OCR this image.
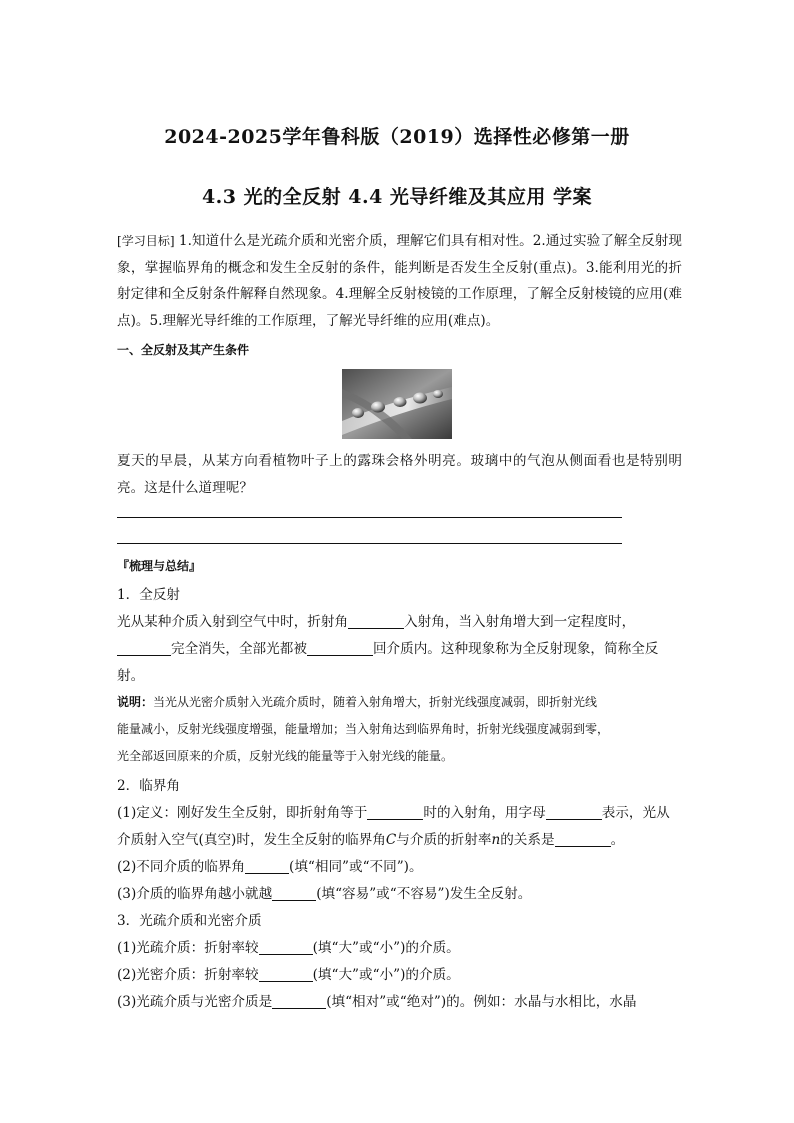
2024-2025学年鲁科版（2019）选择性必修第一册
4.3 光的全反射 4.4 光导纤维及其应用 学案
[学习目标] 1.知道什么是光疏介质和光密介质，理解它们具有相对性。2.通过实验了解全反射现象，掌握临界角的概念和发生全反射的条件，能判断是否发生全反射(重点)。3.能利用光的折射定律和全反射条件解释自然现象。4.理解全反射棱镜的工作原理，了解全反射棱镜的应用(难点)。5.理解光导纤维的工作原理，了解光导纤维的应用(难点)。
一、全反射及其产生条件
夏天的早晨，从某方向看植物叶子上的露珠会格外明亮。玻璃中的气泡从侧面看也是特别明亮。这是什么道理呢？
『梳理与总结』
1．全反射
光从某种介质入射到空气中时，折射角	入射角，当入射角增大到一定程度时，
完全消失，全部光都被	回介质内。这种现象称为全反射现象，简称全反
射。
说明：当光从光密介质射入光疏介质时，随着入射角增大，折射光线强度减弱，即折射光线
能量减小，反射光线强度增强，能量增加；当入射角达到临界角时，折射光线强度减弱到零，
光全部返回原来的介质，反射光线的能量等于入射光线的能量。
2．临界角
(1)定义：刚好发生全反射，即折射角等于	时的入射角，用字母	表示，光从
介质射入空气(真空)时，发生全反射的临界角C与介质的折射率n的关系是	。
(2)不同介质的临界角	(填“相同”或“不同”)。
(3)介质的临界角越小就越	(填“容易”或“不容易”)发生全反射。
3．光疏介质和光密介质
(1)光疏介质：折射率较	(填“大”或“小”)的介质。
(2)光密介质：折射率较	(填“大”或“小”)的介质。
(3)光疏介质与光密介质是	(填“相对”或“绝对”)的。例如：水晶与水相比，水晶
